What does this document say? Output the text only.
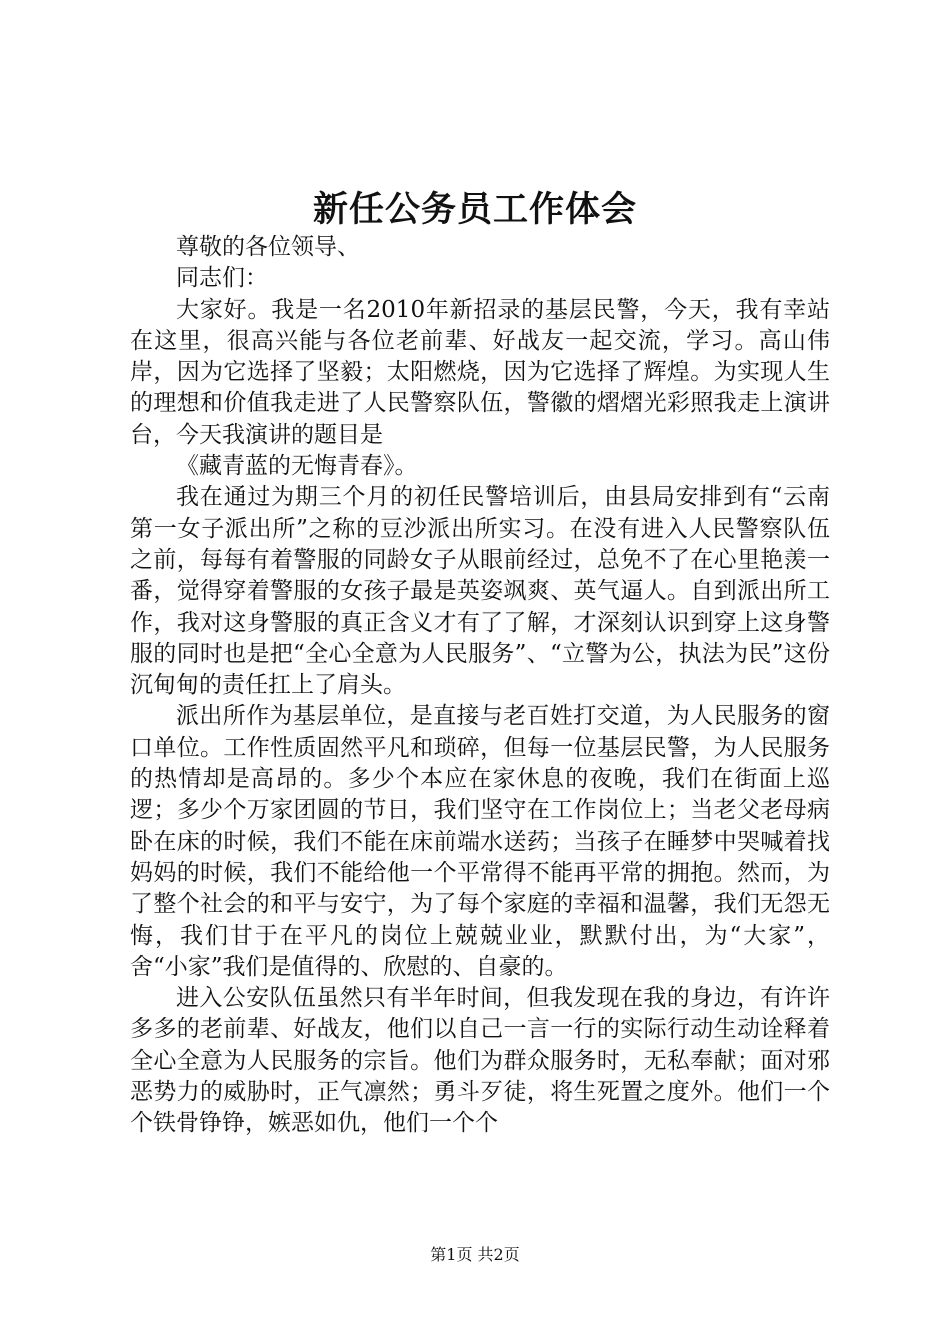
新任公务员工作体会

尊敬的各位领导、

同志们：

大家好。我是一名2010年新招录的基层民警，今天，我有幸站在这里，很高兴能与各位老前辈、好战友一起交流，学习。高山伟岸，因为它选择了坚毅；太阳燃烧，因为它选择了辉煌。为实现人生的理想和价值我走进了人民警察队伍，警徽的熠熠光彩照我走上演讲台，今天我演讲的题目是

《藏青蓝的无悔青春》。

我在通过为期三个月的初任民警培训后，由县局安排到有“云南第一女子派出所”之称的豆沙派出所实习。在没有进入人民警察队伍之前，每每有着警服的同龄女子从眼前经过，总免不了在心里艳羡一番，觉得穿着警服的女孩子最是英姿飒爽、英气逼人。自到派出所工作，我对这身警服的真正含义才有了了解，才深刻认识到穿上这身警服的同时也是把“全心全意为人民服务”、“立警为公，执法为民”这份沉甸甸的责任扛上了肩头。

派出所作为基层单位，是直接与老百姓打交道，为人民服务的窗口单位。工作性质固然平凡和琐碎，但每一位基层民警，为人民服务的热情却是高昂的。多少个本应在家休息的夜晚，我们在街面上巡逻；多少个万家团圆的节日，我们坚守在工作岗位上；当老父老母病卧在床的时候，我们不能在床前端水送药；当孩子在睡梦中哭喊着找妈妈的时候，我们不能给他一个平常得不能再平常的拥抱。然而，为了整个社会的和平与安宁，为了每个家庭的幸福和温馨，我们无怨无悔，我们甘于在平凡的岗位上兢兢业业，默默付出，为“大家”，舍“小家”我们是值得的、欣慰的、自豪的。

进入公安队伍虽然只有半年时间，但我发现在我的身边，有许许多多的老前辈、好战友，他们以自己一言一行的实际行动生动诠释着全心全意为人民服务的宗旨。他们为群众服务时，无私奉献；面对邪恶势力的威胁时，正气凛然；勇斗歹徒，将生死置之度外。他们一个个铁骨铮铮，嫉恶如仇，他们一个个

第1页 共2页
